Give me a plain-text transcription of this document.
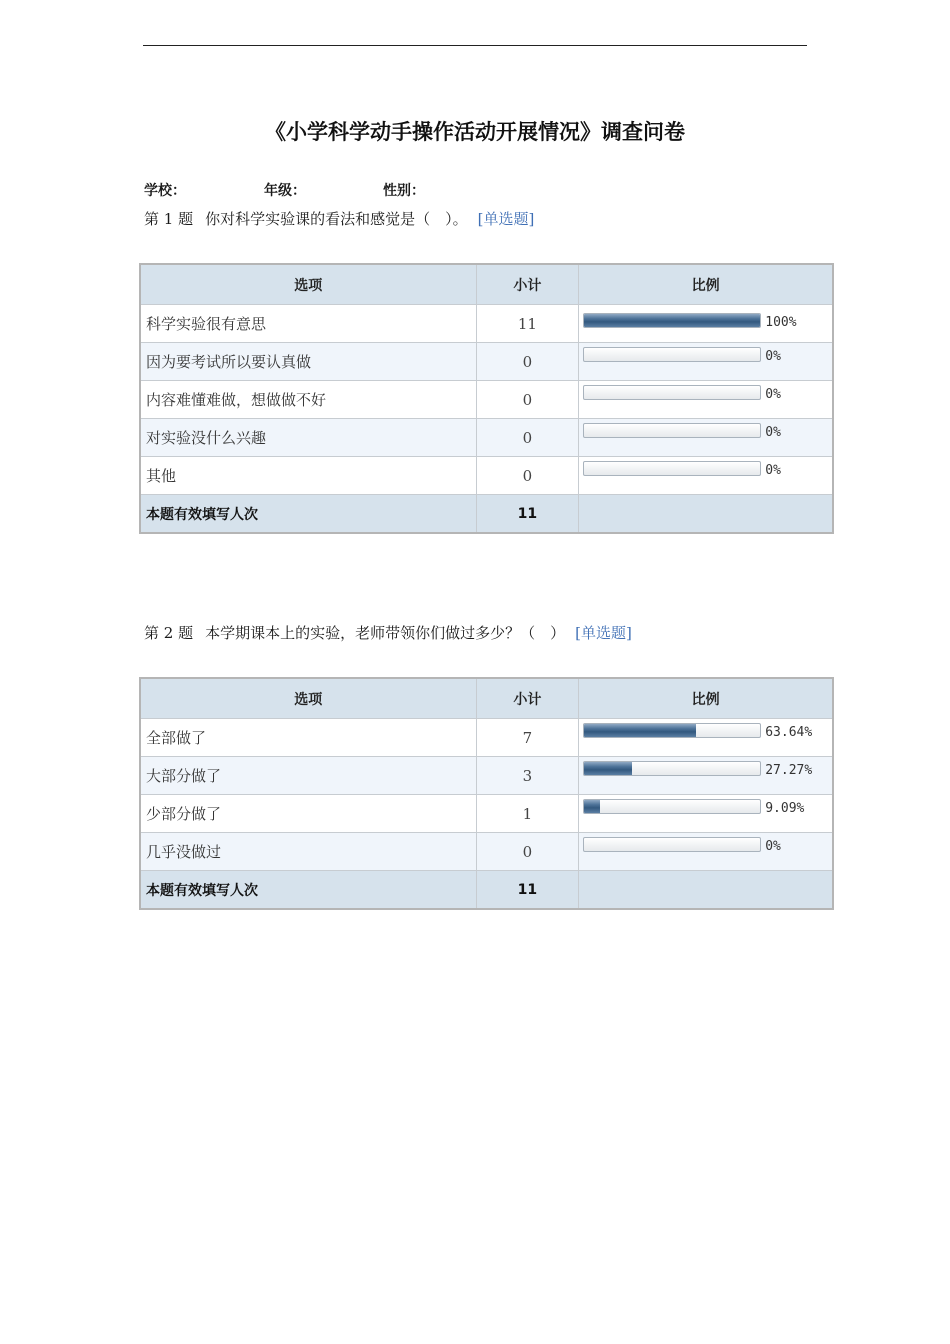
《小学科学动手操作活动开展情况》调查问卷
学校：	年级：	性别：
第 1 题 你对科学实验课的看法和感觉是（　）。 [单选题]
选项	小计	比例
科学实验很有意思	11	100%

因为要考试所以要认真做	0	0%

内容难懂难做，想做做不好	0	0%

对实验没什么兴趣	0	0%

其他	0	0%

本题有效填写人次	11	
第 2 题 本学期课本上的实验，老师带领你们做过多少？（　） [单选题]
选项	小计	比例
全部做了	7	63.64%

大部分做了	3	27.27%

少部分做了	1	9.09%

几乎没做过	0	0%

本题有效填写人次	11	
